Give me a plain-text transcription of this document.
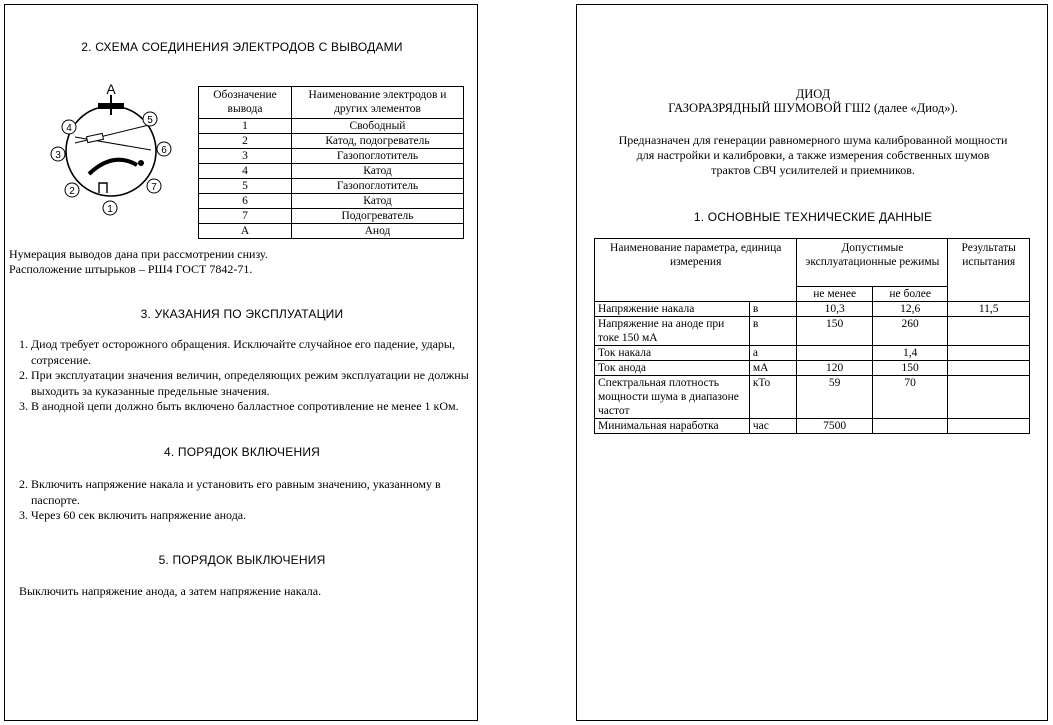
2. СХЕМА СОЕДИНЕНИЯ ЭЛЕКТРОДОВ С ВЫВОДАМИ
1
2
3
4
5
6
7
А	Обозначение вывода	Наименование электродов и других элементов
1	Свободный
2	Катод, подогреватель
3	Газопоглотитель
4	Катод
5	Газопоглотитель
6	Катод
7	Подогреватель
А	Анод
Нумерация выводов дана при рассмотрении снизу.
Расположение штырьков – РШ4 ГОСТ 7842-71.
3. УКАЗАНИЯ ПО ЭКСПЛУАТАЦИИ
1. Диод требует осторожного обращения. Исключайте случайное его падение, удары, сотрясение.
2. При эксплуатации значения величин, определяющих режим эксплуатации не должны выходить за кукаэанные предельные значения.
3. В анодной цепи должно быть включено балластное сопротивление не менее 1 кОм.
4. ПОРЯДОК ВКЛЮЧЕНИЯ
2. Включить напряжение накала и установить его равным значению, указанному в паспорте.
3. Через 60 сек включить напряжение анода.
5. ПОРЯДОК ВЫКЛЮЧЕНИЯ
Выключить напряжение анода, а затем напряжение накала.
ДИОД
ГАЗОРАЗРЯДНЫЙ ШУМОВОЙ ГШ2 (далее «Диод»).
Предназначен для генерации равномерного шума калиброванной мощности
для настройки и калибровки, а также измерения собственных шумов
трактов СВЧ усилителей и приемников.
1. ОСНОВНЫЕ ТЕХНИЧЕСКИЕ ДАННЫЕ
Наименование параметра, единица измерения		Допустимые эксплуатационные режимы		Результаты испытания
		не менее	не более	
Напряжение накала	в	10,3	12,6	11,5
Напряжение на аноде при токе 150 мА	в	150	260	
Ток накала	а		1,4	
Ток анода	мА	120	150	
Спектральная плотность мощности шума в диапазоне частот	кТо	59	70	
Минимальная наработка	час	7500		
